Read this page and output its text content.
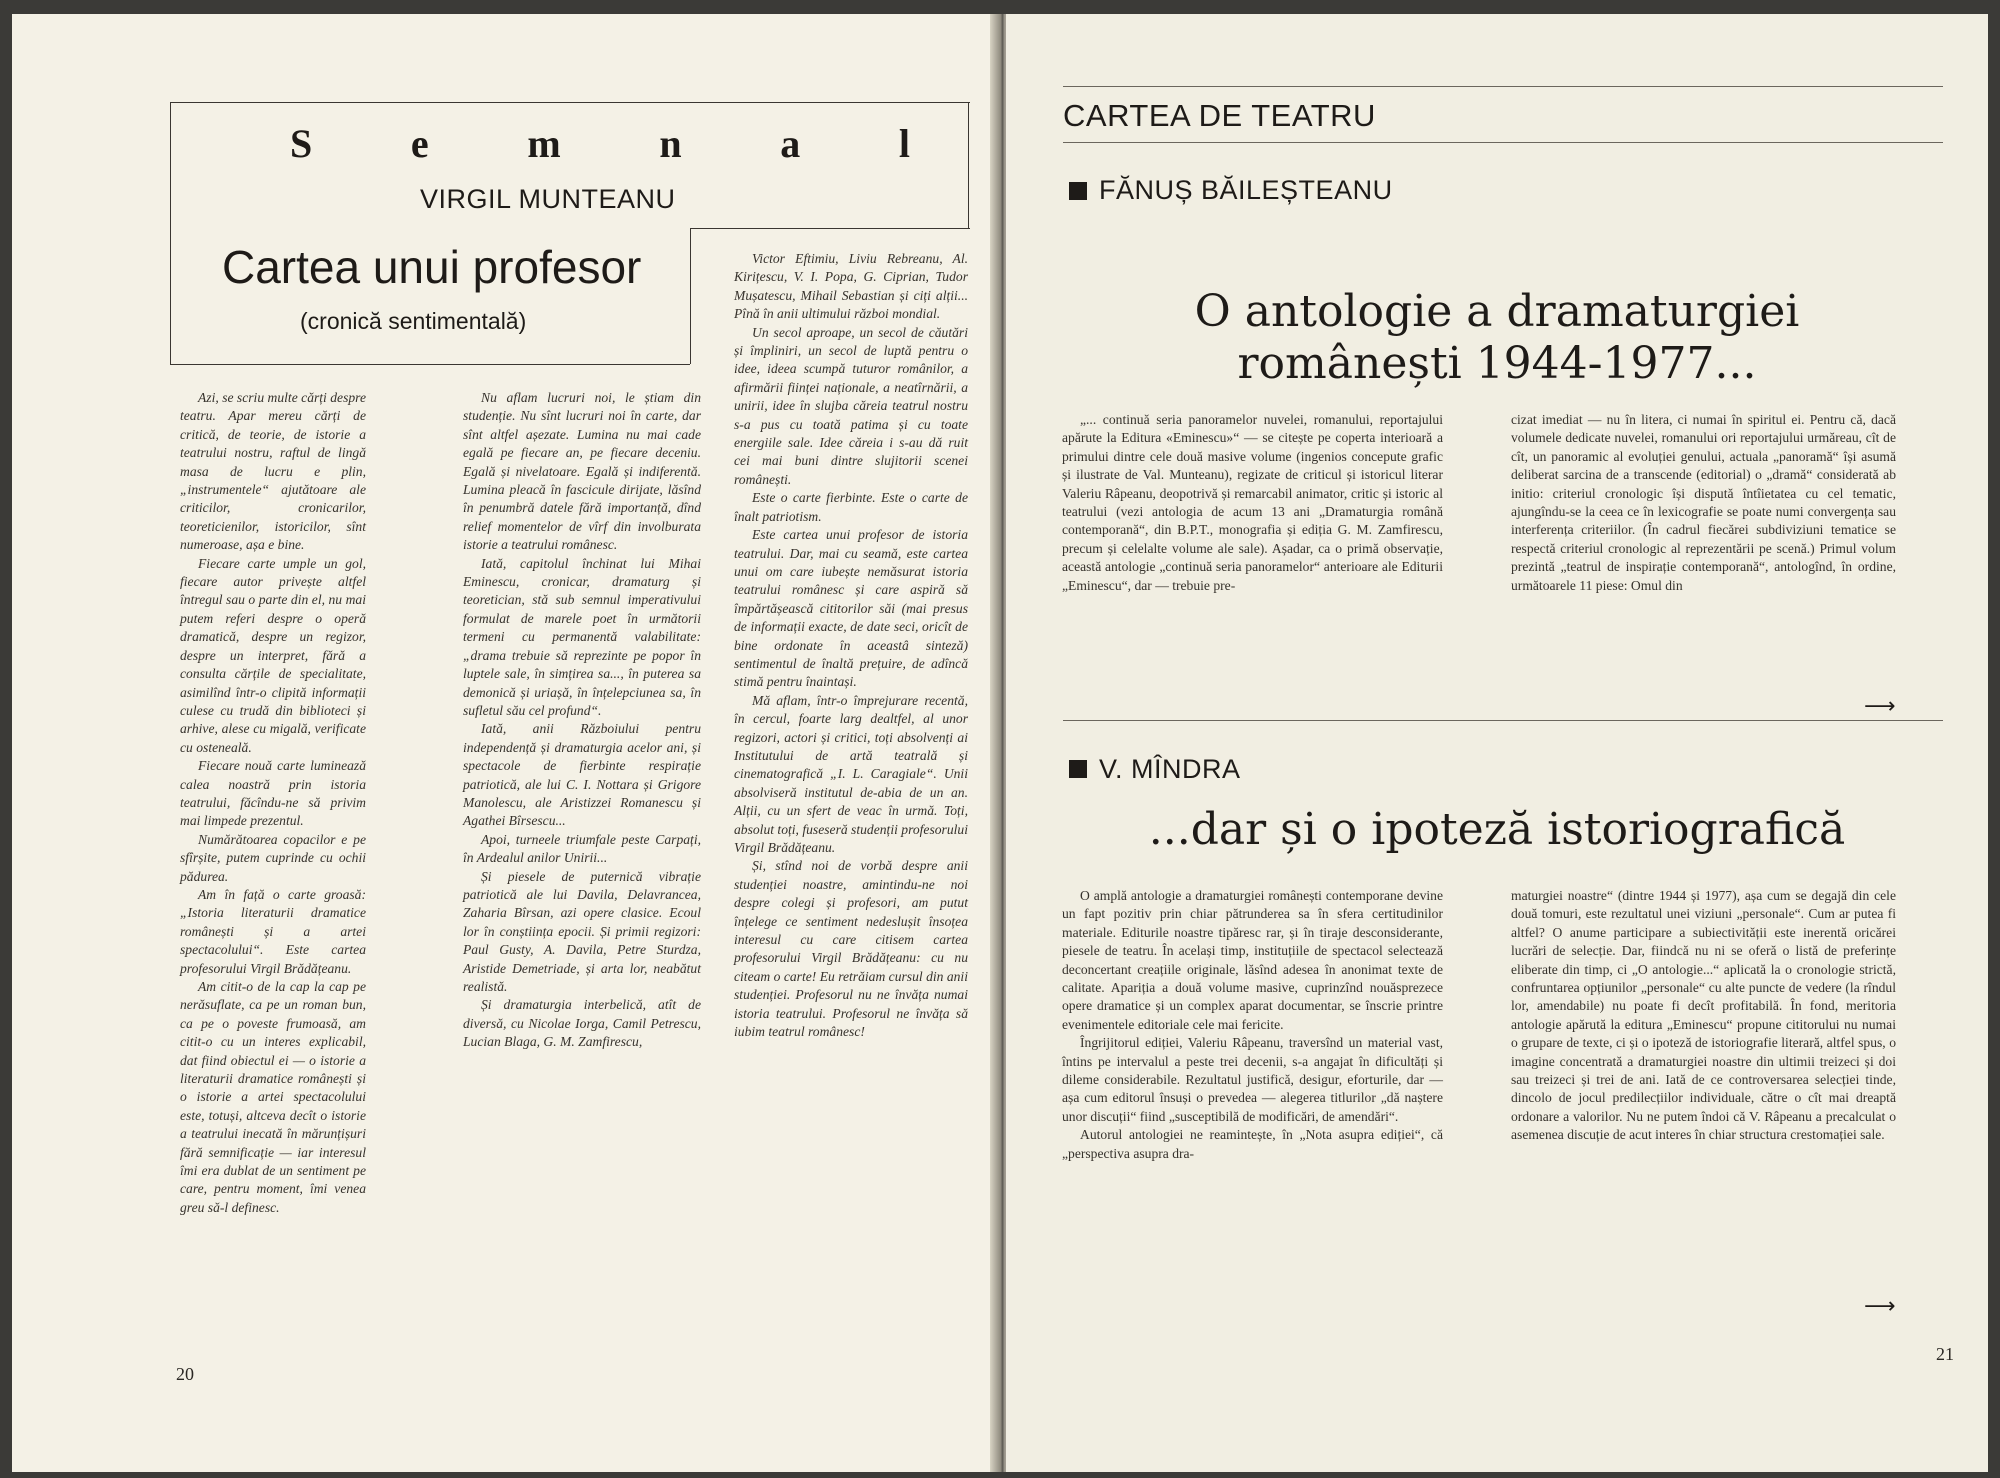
S e m n a l
VIRGIL MUNTEANU
Cartea unui profesor
(cronică sentimentală)

Azi, se scriu multe cărți despre teatru. Apar mereu cărți de critică, de teorie, de istorie a teatrului nostru, raftul de lingă masa de lucru e plin, „instrumentele“ ajutătoare ale criticilor, cronicarilor, teoreticienilor, istoricilor, sînt numeroase, așa e bine.

Fiecare carte umple un gol, fiecare autor privește altfel întregul sau o parte din el, nu mai putem referi despre o operă dramatică, despre un regizor, despre un interpret, fără a consulta cărțile de specialitate, asimilînd într-o clipită informații culese cu trudă din biblioteci și arhive, alese cu migală, verificate cu osteneală.

Fiecare nouă carte luminează calea noastră prin istoria teatrului, făcîndu-ne să privim mai limpede prezentul.

Numărătoarea copacilor e pe sfîrșite, putem cuprinde cu ochii pădurea.

Am în față o carte groasă: „Istoria literaturii dramatice românești și a artei spectacolului“. Este cartea profesorului Virgil Brădățeanu.

Am citit-o de la cap la cap pe nerăsuflate, ca pe un roman bun, ca pe o poveste frumoasă, am citit-o cu un interes explicabil, dat fiind obiectul ei — o istorie a literaturii dramatice românești și o istorie a artei spectacolului este, totuși, altceva decît o istorie a teatrului inecată în mărunțișuri fără semnificație — iar interesul îmi era dublat de un sentiment pe care, pentru moment, îmi venea greu să-l definesc.

Nu aflam lucruri noi, le știam din studenție. Nu sînt lucruri noi în carte, dar sînt altfel așezate. Lumina nu mai cade egală pe fiecare an, pe fiecare deceniu. Egală și nivelatoare. Egală și indiferentă. Lumina pleacă în fascicule dirijate, lăsînd în penumbră datele fără importanță, dînd relief momentelor de vîrf din involburata istorie a teatrului românesc.

Iată, capitolul închinat lui Mihai Eminescu, cronicar, dramaturg și teoretician, stă sub semnul imperativului formulat de marele poet în următorii termeni cu permanentă valabilitate: „drama trebuie să reprezinte pe popor în luptele sale, în simțirea sa..., în puterea sa demonică și uriașă, în înțelepciunea sa, în sufletul său cel profund“.

Iată, anii Războiului pentru independență și dramaturgia acelor ani, și spectacole de fierbinte respirație patriotică, ale lui C. I. Nottara și Grigore Manolescu, ale Aristizzei Romanescu și Agathei Bîrsescu...

Apoi, turneele triumfale peste Carpați, în Ardealul anilor Unirii...

Și piesele de puternică vibrație patriotică ale lui Davila, Delavrancea, Zaharia Bîrsan, azi opere clasice. Ecoul lor în conștiința epocii. Și primii regizori: Paul Gusty, A. Davila, Petre Sturdza, Aristide Demetriade, și arta lor, neabătut realistă.

Și dramaturgia interbelică, atît de diversă, cu Nicolae Iorga, Camil Petrescu, Lucian Blaga, G. M. Zamfirescu,

Victor Eftimiu, Liviu Rebreanu, Al. Kirițescu, V. I. Popa, G. Ciprian, Tudor Mușatescu, Mihail Sebastian și ciți alții... Pînă în anii ultimului război mondial.

Un secol aproape, un secol de căutări și împliniri, un secol de luptă pentru o idee, ideea scumpă tuturor românilor, a afirmării ființei naționale, a neatîrnării, a unirii, idee în slujba căreia teatrul nostru s-a pus cu toată patima și cu toate energiile sale. Idee căreia i s-au dă ruit cei mai buni dintre slujitorii scenei românești.

Este o carte fierbinte. Este o carte de înalt patriotism.

Este cartea unui profesor de istoria teatrului. Dar, mai cu seamă, este cartea unui om care iubește nemăsurat istoria teatrului românesc și care aspiră să împărtășească cititorilor săi (mai presus de informații exacte, de date seci, oricît de bine ordonate în aceastâ sinteză) sentimentul de înaltă prețuire, de adîncă stimă pentru înaintași.

Mă aflam, într-o împrejurare recentă, în cercul, foarte larg dealtfel, al unor regizori, actori și critici, toți absolvenți ai Institutului de artă teatrală și cinematografică „I. L. Caragiale“. Unii absolviseră institutul de-abia de un an. Alții, cu un sfert de veac în urmă. Toți, absolut toți, fuseseră studenții profesorului Virgil Brădățeanu.

Și, stînd noi de vorbă despre anii studenției noastre, amintindu-ne noi despre colegi și profesori, am putut înțelege ce sentiment nedeslușit însoțea interesul cu care citisem cartea profesorului Virgil Brădățeanu: cu nu citeam o carte! Eu retrăiam cursul din anii studenției. Profesorul nu ne învăța numai istoria teatrului. Profesorul ne învăța să iubim teatrul românesc!

20
CARTEA DE TEATRU
FĂNUȘ BĂILEȘTEANU
O antologie a dramaturgiei
românești 1944-1977...

„... continuă seria panoramelor nuvelei, romanului, reportajului apărute la Editura «Eminescu»“ — se citește pe coperta interioară a primului dintre cele două masive volume (ingenios concepute grafic și ilustrate de Val. Munteanu), regizate de criticul și istoricul literar Valeriu Râpeanu, deopotrivă și remarcabil animator, critic și istoric al teatrului (vezi antologia de acum 13 ani „Dramaturgia română contemporană“, din B.P.T., monografia și ediția G. M. Zamfirescu, precum și celelalte volume ale sale). Așadar, ca o primă observație, această antologie „continuă seria panoramelor“ anterioare ale Editurii „Eminescu“, dar — trebuie pre-

cizat imediat — nu în litera, ci numai în spiritul ei. Pentru că, dacă volumele dedicate nuvelei, romanului ori reportajului urmăreau, cît de cît, un panoramic al evoluției genului, actuala „panoramă“ își asumă deliberat sarcina de a transcende (editorial) o „dramă“ considerată ab initio: criteriul cronologic își dispută întîietatea cu cel tematic, ajungîndu-se la ceea ce în lexicografie se poate numi convergența sau interferența criteriilor. (În cadrul fiecărei subdiviziuni tematice se respectă criteriul cronologic al reprezentării pe scenă.) Primul volum prezintă „teatrul de inspirație contemporană“, antologînd, în ordine, următoarele 11 piese: Omul din

⟶
V. MÎNDRA
...dar și o ipoteză istoriografică

O amplă antologie a dramaturgiei românești contemporane devine un fapt pozitiv prin chiar pătrunderea sa în sfera certitudinilor materiale. Editurile noastre tipăresc rar, și în tiraje desconsiderante, piesele de teatru. În același timp, instituțiile de spectacol selectează deconcertant creațiile originale, lăsînd adesea în anonimat texte de calitate. Apariția a două volume masive, cuprinzînd nouăsprezece opere dramatice și un complex aparat documentar, se înscrie printre evenimentele editoriale cele mai fericite.

Îngrijitorul ediției, Valeriu Râpeanu, traversînd un material vast, întins pe intervalul a peste trei decenii, s-a angajat în dificultăți și dileme considerabile. Rezultatul justifică, desigur, eforturile, dar — așa cum editorul însuși o prevedea — alegerea titlurilor „dă naștere unor discuții“ fiind „susceptibilă de modificări, de amendări“.

Autorul antologiei ne reamintește, în „Nota asupra ediției“, că „perspectiva asupra dra-

maturgiei noastre“ (dintre 1944 și 1977), așa cum se degajă din cele două tomuri, este rezultatul unei viziuni „personale“. Cum ar putea fi altfel? O anume participare a subiectivității este inerentă oricărei lucrări de selecție. Dar, fiindcă nu ni se oferă o listă de preferințe eliberate din timp, ci „O antologie...“ aplicată la o cronologie strictă, confruntarea opțiunilor „personale“ cu alte puncte de vedere (la rîndul lor, amendabile) nu poate fi decît profitabilă. În fond, meritoria antologie apărută la editura „Eminescu“ propune cititorului nu numai o grupare de texte, ci și o ipoteză de istoriografie literară, altfel spus, o imagine concentrată a dramaturgiei noastre din ultimii treizeci și doi sau treizeci și trei de ani. Iată de ce controversarea selecției tinde, dincolo de jocul predilecțiilor individuale, către o cît mai dreaptă ordonare a valorilor. Nu ne putem îndoi că V. Râpeanu a precalculat o asemenea discuție de acut interes în chiar structura crestomației sale.

⟶
21
